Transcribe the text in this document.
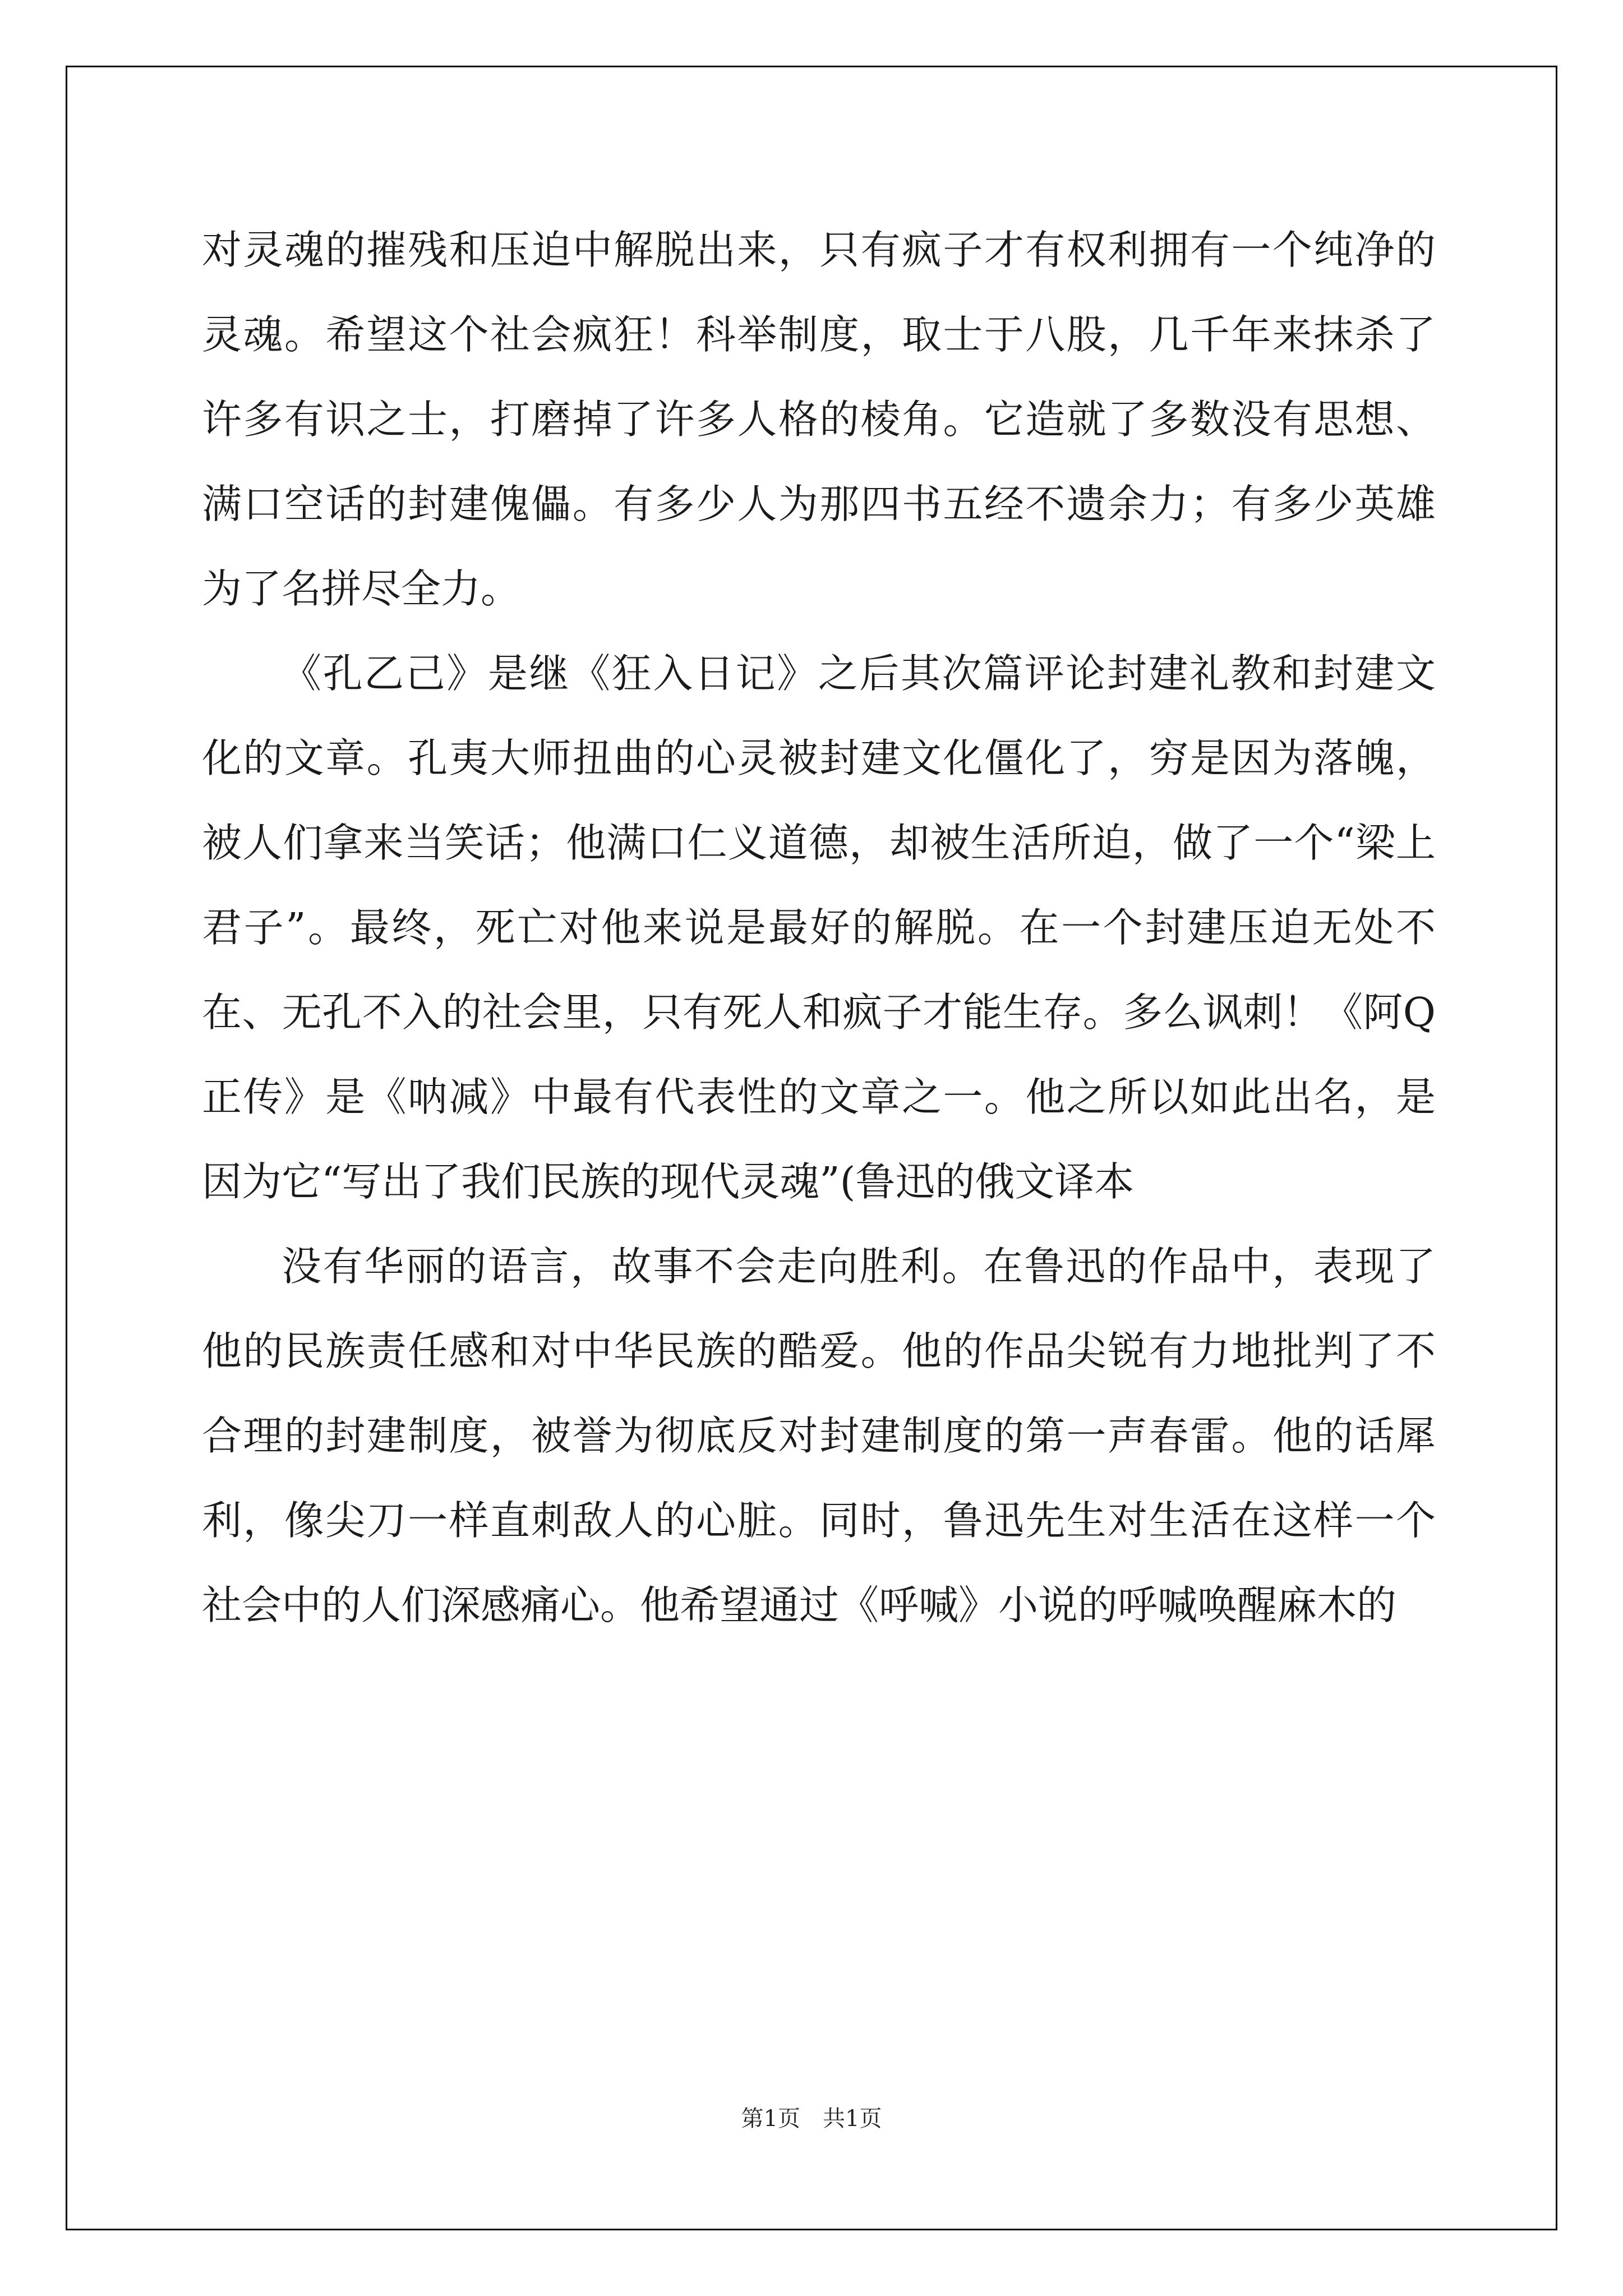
对灵魂的摧残和压迫中解脱出来，只有疯子才有权利拥有一个纯净的灵魂。希望这个社会疯狂！科举制度，取士于八股，几千年来抹杀了许多有识之士，打磨掉了许多人格的棱角。它造就了多数没有思想、满口空话的封建傀儡。有多少人为那四书五经不遗余力；有多少英雄为了名拼尽全力。

《孔乙己》是继《狂入日记》之后其次篇评论封建礼教和封建文化的文章。孔夷大师扭曲的心灵被封建文化僵化了，穷是因为落魄，被人们拿来当笑话；他满口仁义道德，却被生活所迫，做了一个“梁上君子”。最终，死亡对他来说是最好的解脱。在一个封建压迫无处不在、无孔不入的社会里，只有死人和疯子才能生存。多么讽刺！《阿Q正传》是《呐减》中最有代表性的文章之一。他之所以如此出名，是因为它“写出了我们民族的现代灵魂”(鲁迅的俄文译本

没有华丽的语言，故事不会走向胜利。在鲁迅的作品中，表现了他的民族责任感和对中华民族的酷爱。他的作品尖锐有力地批判了不合理的封建制度，被誉为彻底反对封建制度的第一声春雷。他的话犀利，像尖刀一样直刺敌人的心脏。同时，鲁迅先生对生活在这样一个社会中的人们深感痛心。他希望通过《呼喊》小说的呼喊唤醒麻木的

第1页　共1页
